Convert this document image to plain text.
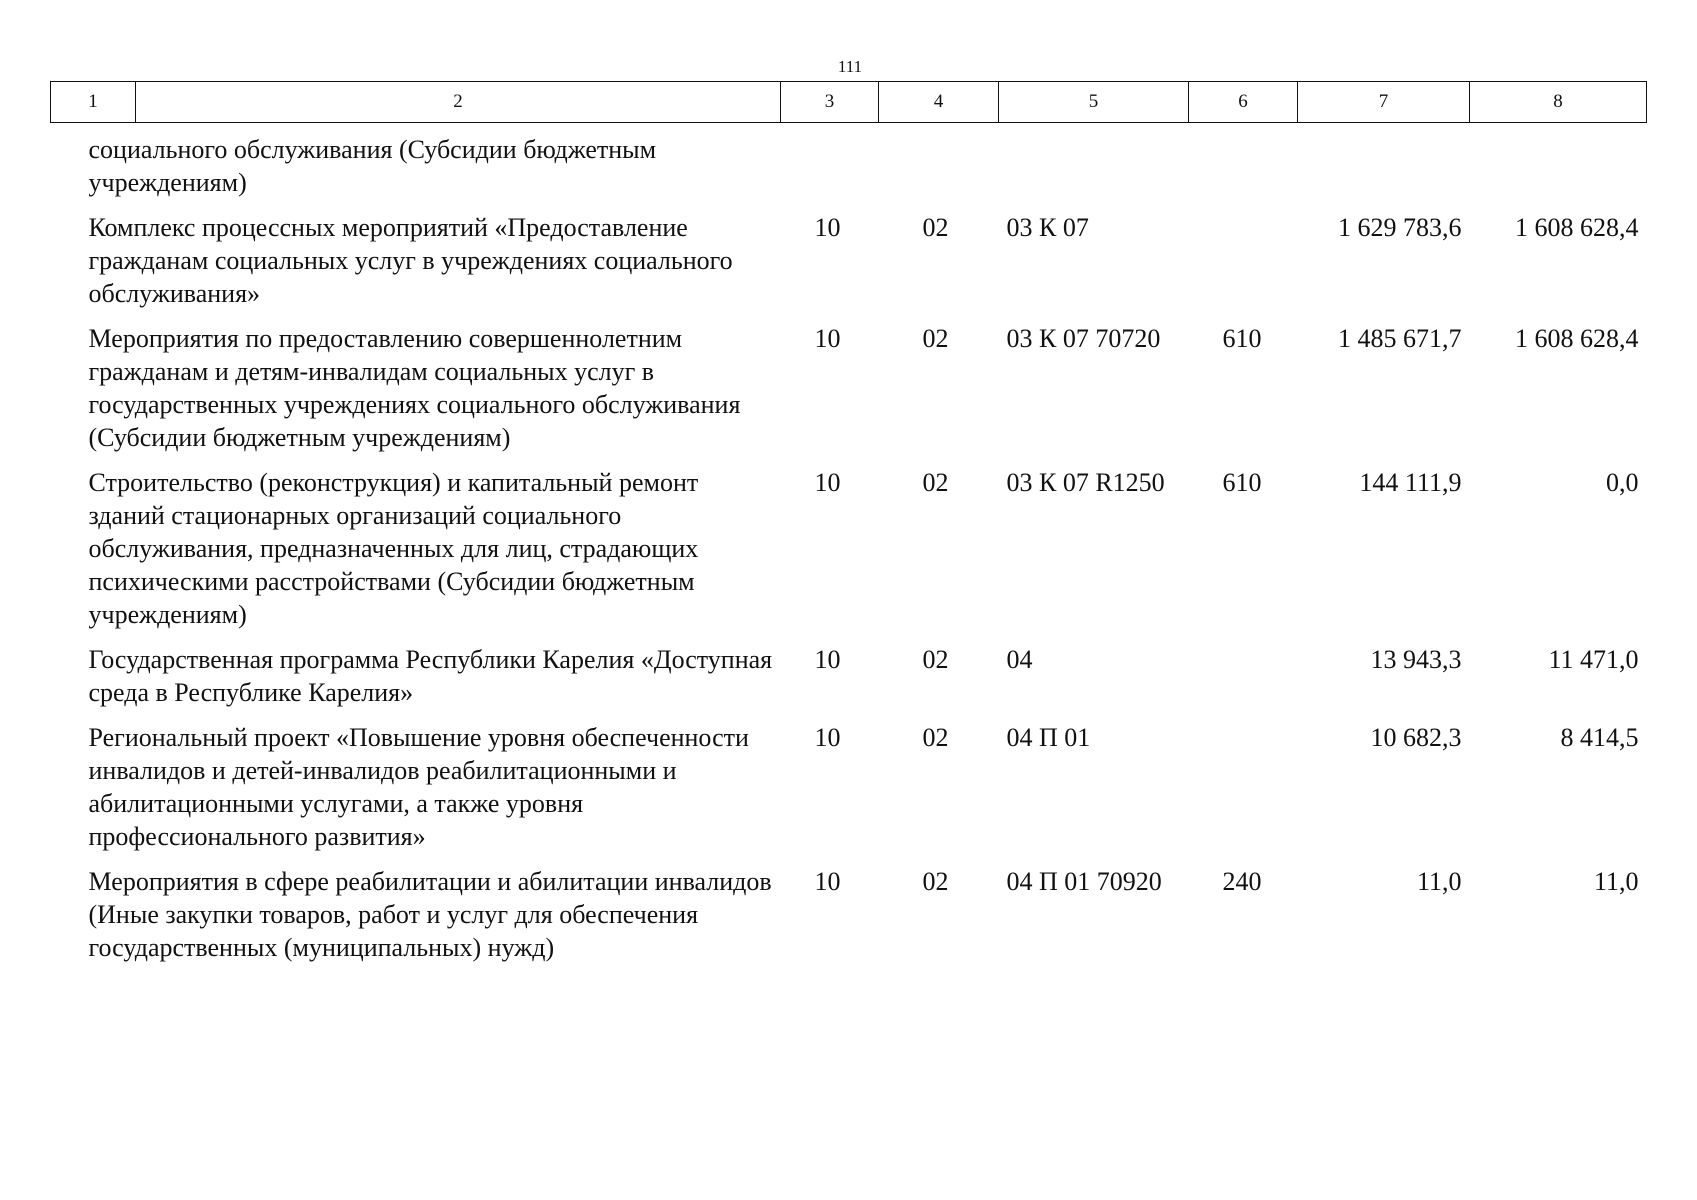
111
1	2	3	4	5	6	7	8
социального обслуживания (Субсидии бюджетным учреждениям)							
Комплекс процессных мероприятий «Предоставление гражданам социальных услуг в учреждениях социального обслуживания»		10	02	03 К 07		1 629 783,6	1 608 628,4
Мероприятия по предоставлению совершеннолетним гражданам и детям-инвалидам социальных услуг в государственных учреждениях социального обслуживания (Субсидии бюджетным учреждениям)		10	02	03 К 07 70720	610	1 485 671,7	1 608 628,4
Строительство (реконструкция) и капитальный ремонт зданий стационарных организаций социального обслуживания, предназначенных для лиц, страдающих психическими расстройствами (Субсидии бюджетным учреждениям)		10	02	03 К 07 R1250	610	144 111,9	0,0
Государственная программа Республики Карелия «Доступная среда в Республике Карелия»		10	02	04		13 943,3	11 471,0
Региональный проект «Повышение уровня обеспеченности инвалидов и детей-инвалидов реабилитационными и абилитационными услугами, а также уровня профессионального развития»		10	02	04 П 01		10 682,3	8 414,5
Мероприятия в сфере реабилитации и абилитации инвалидов (Иные закупки товаров, работ и услуг для обеспечения государственных (муниципальных) нужд)		10	02	04 П 01 70920	240	11,0	11,0
